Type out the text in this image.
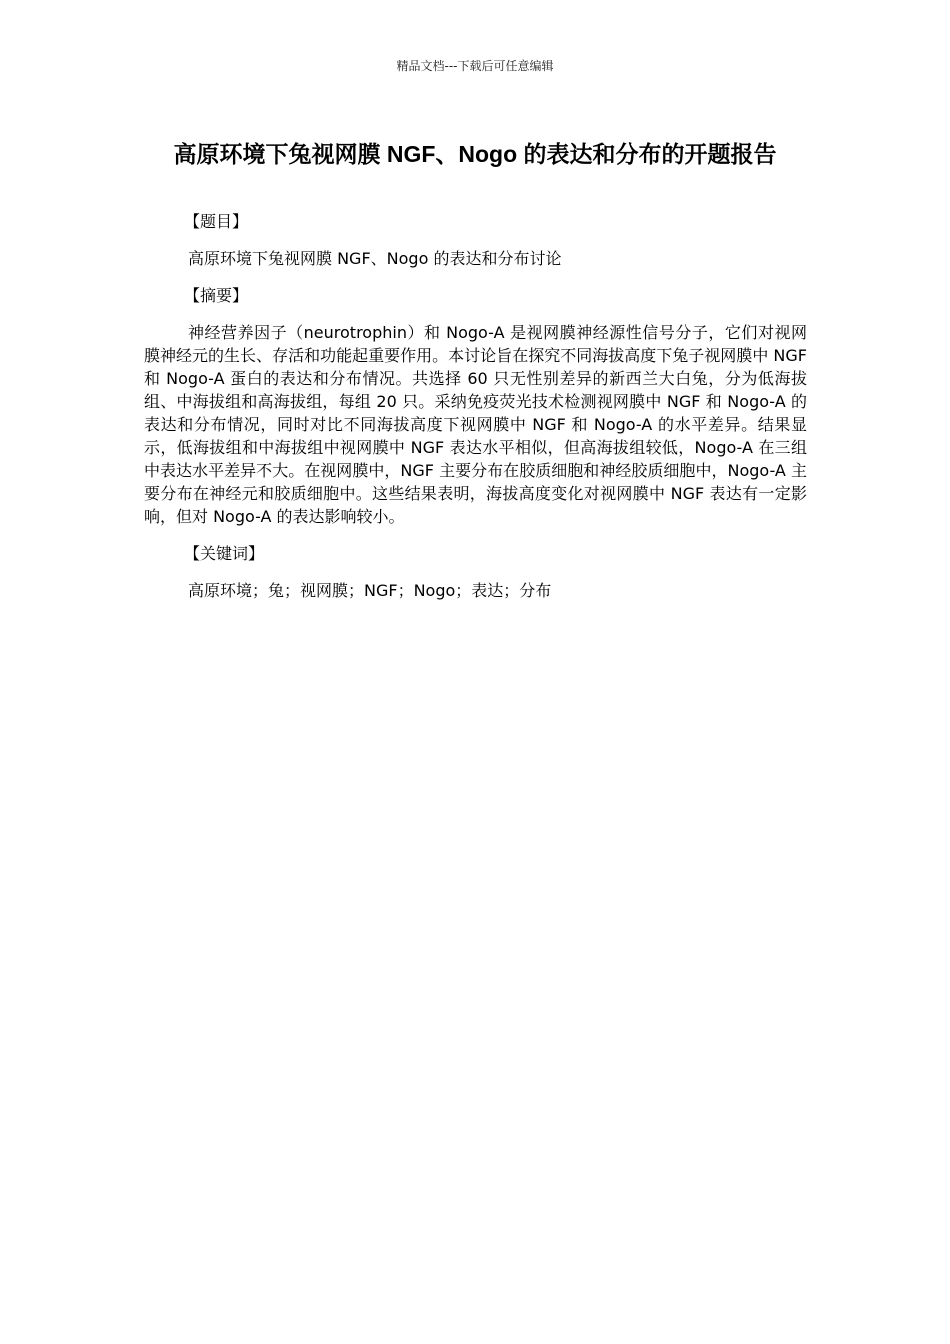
精品文档---下载后可任意编辑
高原环境下兔视网膜 NGF、Nogo 的表达和分布的开题报告

【题目】

高原环境下兔视网膜 NGF、Nogo 的表达和分布讨论

【摘要】

神经营养因子（neurotrophin）和 Nogo-A 是视网膜神经源性信号分子，它们对视网膜神经元的生长、存活和功能起重要作用。本讨论旨在探究不同海拔高度下兔子视网膜中 NGF 和 Nogo-A 蛋白的表达和分布情况。共选择 60 只无性别差异的新西兰大白兔，分为低海拔组、中海拔组和高海拔组，每组 20 只。采纳免疫荧光技术检测视网膜中 NGF 和 Nogo-A 的表达和分布情况，同时对比不同海拔高度下视网膜中 NGF 和 Nogo-A 的水平差异。结果显示，低海拔组和中海拔组中视网膜中 NGF 表达水平相似，但高海拔组较低，Nogo-A 在三组中表达水平差异不大。在视网膜中，NGF 主要分布在胶质细胞和神经胶质细胞中，Nogo-A 主要分布在神经元和胶质细胞中。这些结果表明，海拔高度变化对视网膜中 NGF 表达有一定影响，但对 Nogo-A 的表达影响较小。

【关键词】

高原环境；兔；视网膜；NGF；Nogo；表达；分布
